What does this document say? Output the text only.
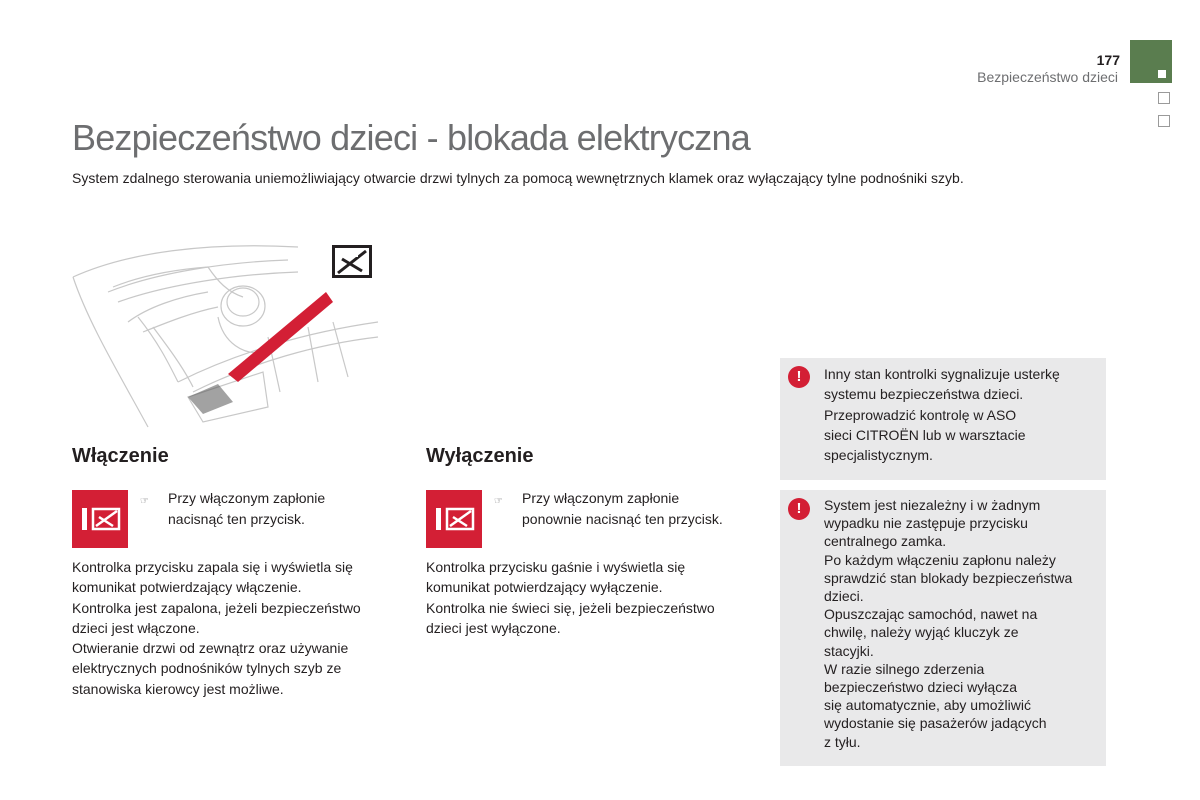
177
Bezpieczeństwo dzieci
Bezpieczeństwo dzieci - blokada elektryczna

System zdalnego sterowania uniemożliwiający otwarcie drzwi tylnych za pomocą wewnętrznych klamek oraz wyłączający tylne podnośniki szyb.

Włączenie
☞ Przy włączonym zapłonie
nacisnąć ten przycisk.
Kontrolka przycisku zapala się i wyświetla się
komunikat potwierdzający włączenie.
Kontrolka jest zapalona, jeżeli bezpieczeństwo
dzieci jest włączone.
Otwieranie drzwi od zewnątrz oraz używanie
elektrycznych podnośników tylnych szyb ze
stanowiska kierowcy jest możliwe.
Wyłączenie
☞ Przy włączonym zapłonie
ponownie nacisnąć ten przycisk.
Kontrolka przycisku gaśnie i wyświetla się
komunikat potwierdzający wyłączenie.
Kontrolka nie świeci się, jeżeli bezpieczeństwo
dzieci jest wyłączone.
!	Inny stan kontrolki sygnalizuje usterkę
systemu bezpieczeństwa dzieci.
Przeprowadzić kontrolę w ASO
sieci CITROËN lub w warsztacie
specjalistycznym.
!	System jest niezależny i w żadnym
wypadku nie zastępuje przycisku
centralnego zamka.
Po każdym włączeniu zapłonu należy
sprawdzić stan blokady bezpieczeństwa
dzieci.
Opuszczając samochód, nawet na
chwilę, należy wyjąć kluczyk ze
stacyjki.
W razie silnego zderzenia
bezpieczeństwo dzieci wyłącza
się automatycznie, aby umożliwić
wydostanie się pasażerów jadących
z tyłu.
